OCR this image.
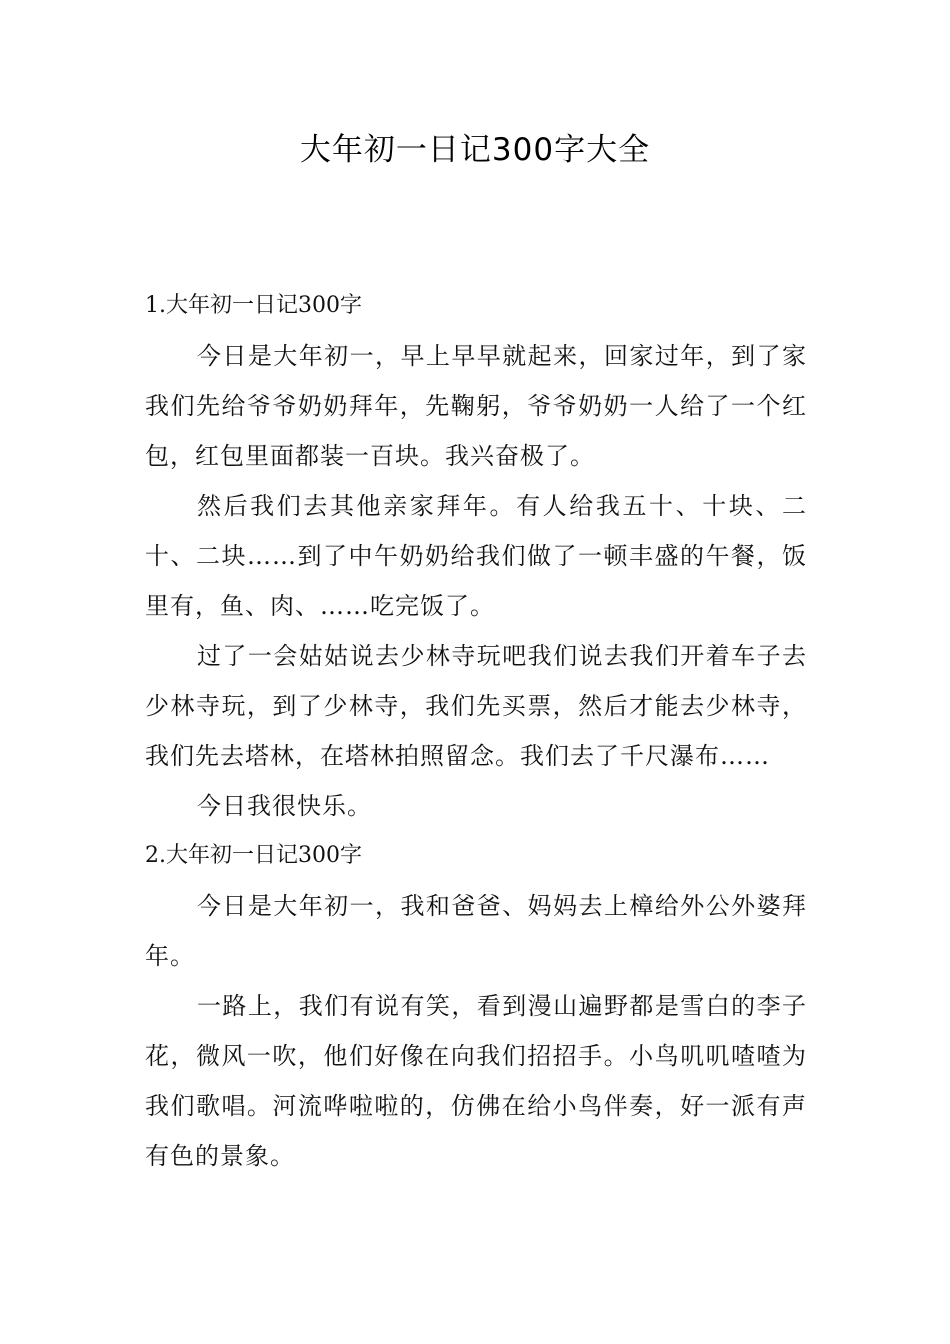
大年初一日记300字大全
1.大年初一日记300字

今日是大年初一，早上早早就起来，回家过年，到了家我们先给爷爷奶奶拜年，先鞠躬，爷爷奶奶一人给了一个红包，红包里面都装一百块。我兴奋极了。

然后我们去其他亲家拜年。有人给我五十、十块、二十、二块……到了中午奶奶给我们做了一顿丰盛的午餐，饭里有，鱼、肉、……吃完饭了。

过了一会姑姑说去少林寺玩吧我们说去我们开着车子去少林寺玩，到了少林寺，我们先买票，然后才能去少林寺，我们先去塔林，在塔林拍照留念。我们去了千尺瀑布……

今日我很快乐。

2.大年初一日记300字

今日是大年初一，我和爸爸、妈妈去上樟给外公外婆拜年。

一路上，我们有说有笑，看到漫山遍野都是雪白的李子花，微风一吹，他们好像在向我们招招手。小鸟叽叽喳喳为我们歌唱。河流哗啦啦的，仿佛在给小鸟伴奏，好一派有声有色的景象。
